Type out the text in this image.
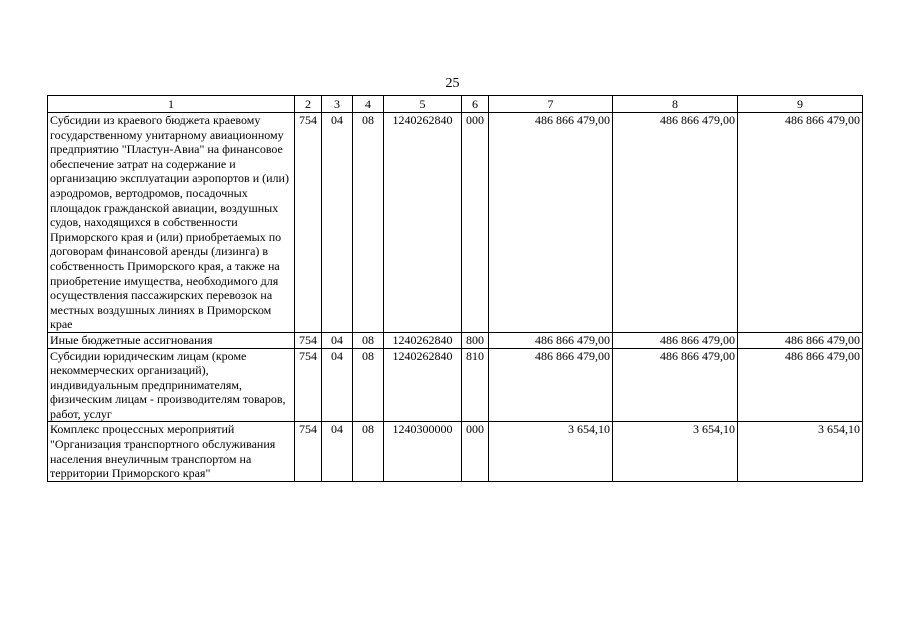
25
1	2	3	4	5	6	7	8	9
Субсидии из краевого бюджета краевому государственному унитарному авиационному предприятию "Пластун-Авиа" на финансовое обеспечение затрат на содержание и организацию эксплуатации аэропортов и (или) аэродромов, вертодромов, посадочных площадок гражданской авиации, воздушных судов, находящихся в собственности Приморского края и (или) приобретаемых по договорам финансовой аренды (лизинга) в собственность Приморского края, а также на приобретение имущества, необходимого для осуществления пассажирских перевозок на местных воздушных линиях в Приморском крае	754	04	08	1240262840	000	486 866 479,00	486 866 479,00	486 866 479,00
Иные бюджетные ассигнования	754	04	08	1240262840	800	486 866 479,00	486 866 479,00	486 866 479,00
Субсидии юридическим лицам (кроме некоммерческих организаций), индивидуальным предпринимателям, физическим лицам - производителям товаров, работ, услуг	754	04	08	1240262840	810	486 866 479,00	486 866 479,00	486 866 479,00
Комплекс процессных мероприятий "Организация транспортного обслуживания населения внеуличным транспортом на территории Приморского края"	754	04	08	1240300000	000	3 654,10	3 654,10	3 654,10
